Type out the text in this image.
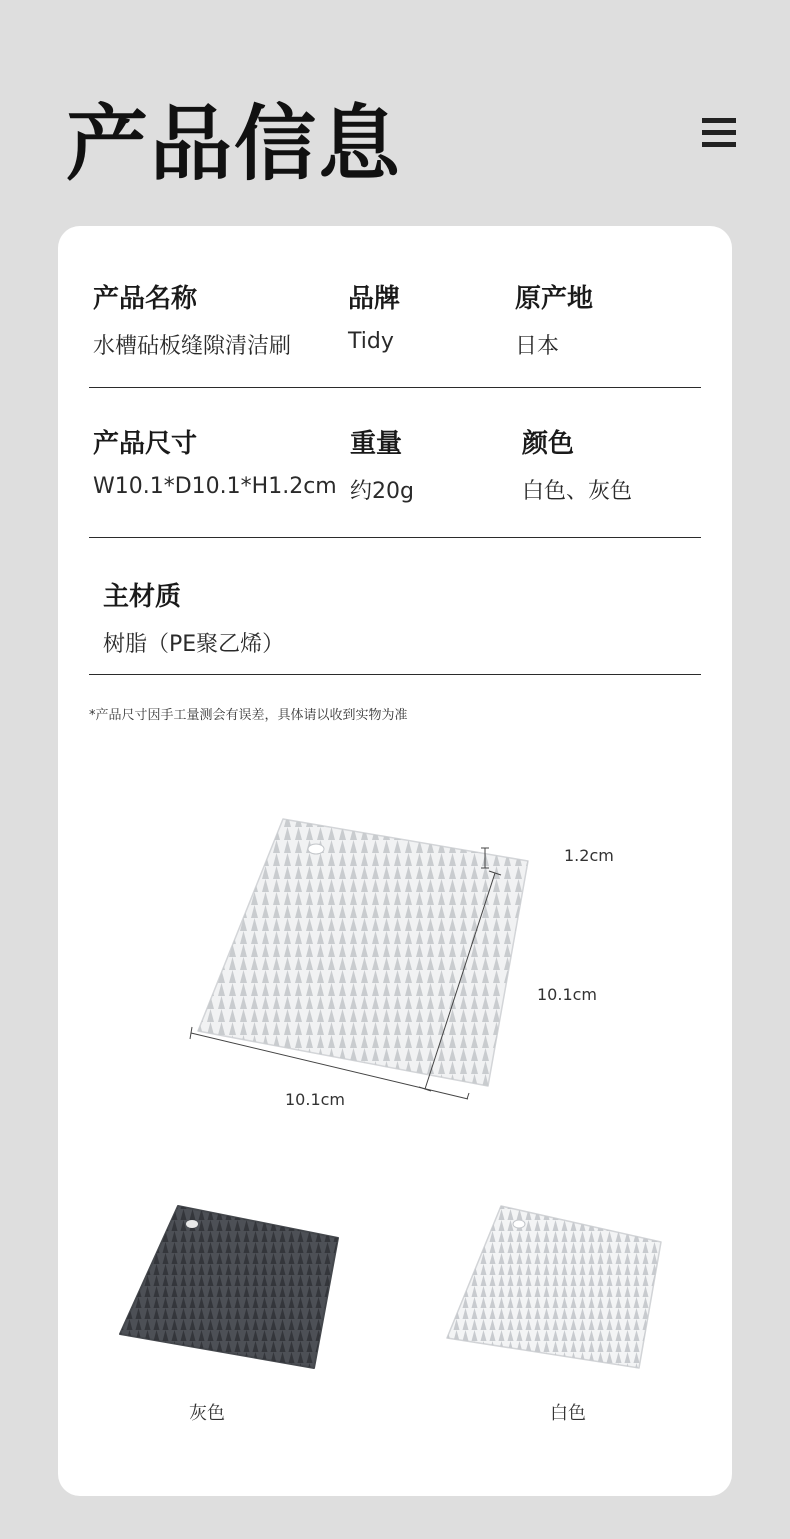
产品信息
产品名称
水槽砧板缝隙清洁刷
品牌
Tidy
原产地
日本
产品尺寸
W10.1*D10.1*H1.2cm
重量
约20g
颜色
白色、灰色
主材质
树脂（PE聚乙烯）
*产品尺寸因手工量测会有误差，具体请以收到实物为准
1.2cm
10.1cm
10.1cm
灰色	白色
